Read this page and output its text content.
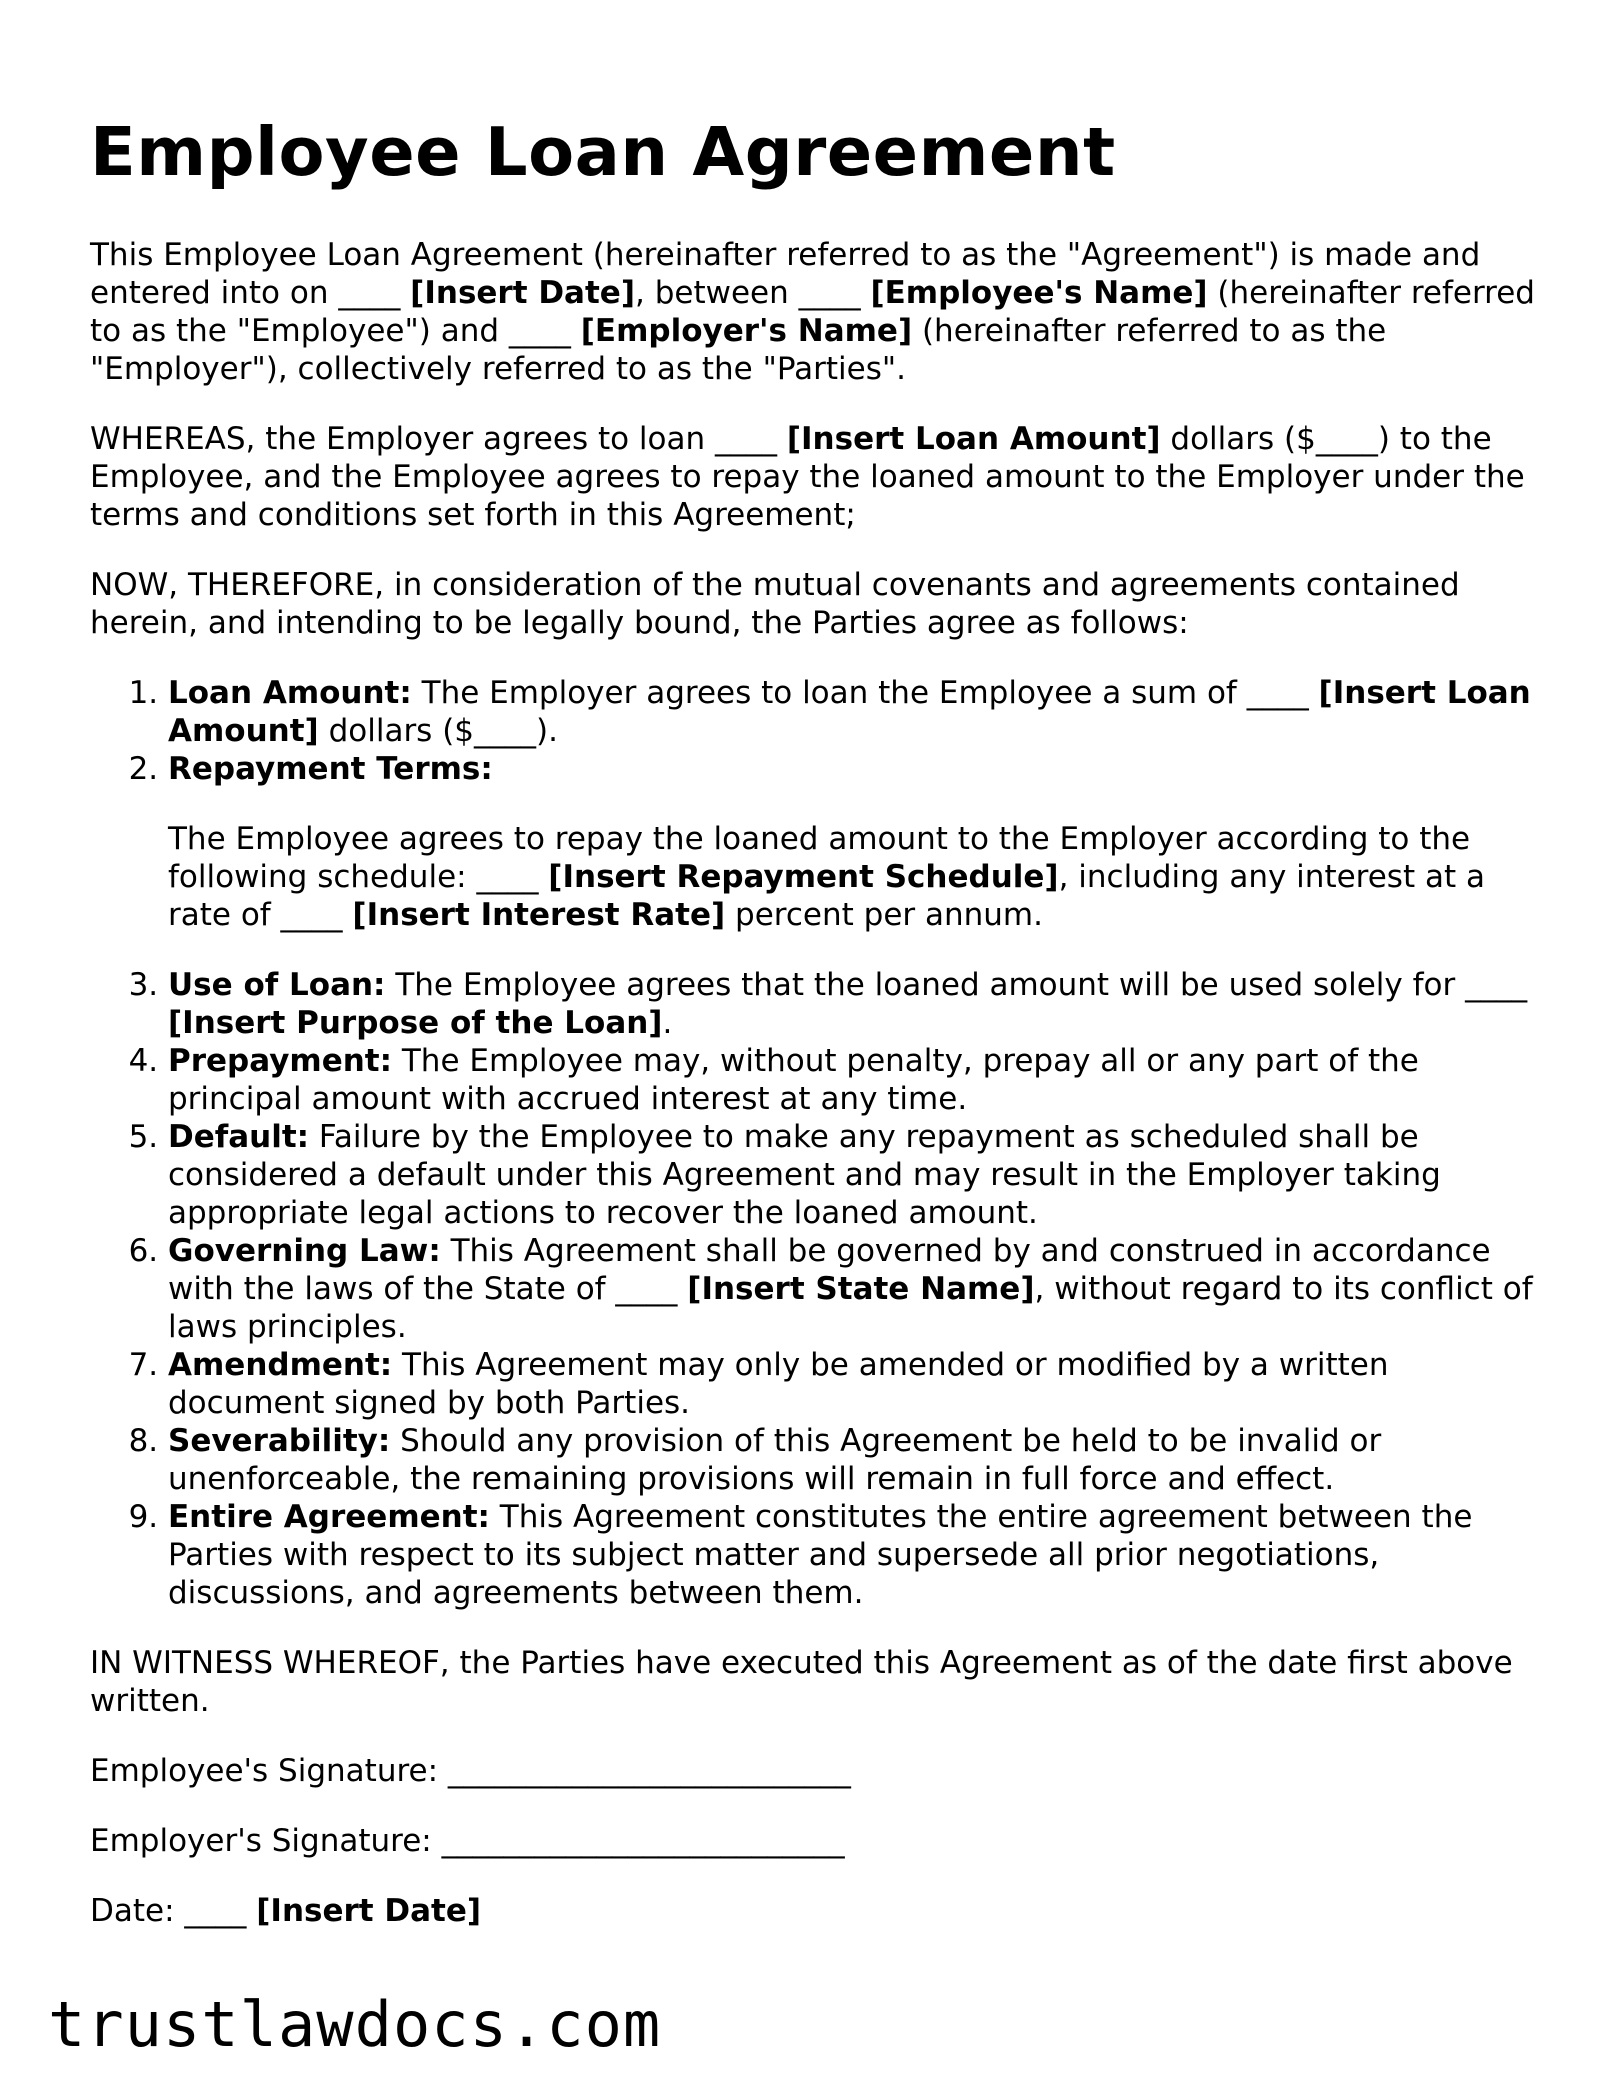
Employee Loan Agreement

This Employee Loan Agreement (hereinafter referred to as the "Agreement") is made and entered into on ____ [Insert Date], between ____ [Employee's Name] (hereinafter referred to as the "Employee") and ____ [Employer's Name] (hereinafter referred to as the "Employer"), collectively referred to as the "Parties".

WHEREAS, the Employer agrees to loan ____ [Insert Loan Amount] dollars ($____) to the Employee, and the Employee agrees to repay the loaned amount to the Employer under the terms and conditions set forth in this Agreement;

NOW, THEREFORE, in consideration of the mutual covenants and agreements contained herein, and intending to be legally bound, the Parties agree as follows:

1. Loan Amount: The Employer agrees to loan the Employee a sum of ____ [Insert Loan Amount] dollars ($____).
2. Repayment Terms:

The Employee agrees to repay the loaned amount to the Employer according to the following schedule: ____ [Insert Repayment Schedule], including any interest at a rate of ____ [Insert Interest Rate] percent per annum.

3. Use of Loan: The Employee agrees that the loaned amount will be used solely for ____ [Insert Purpose of the Loan].
4. Prepayment: The Employee may, without penalty, prepay all or any part of the principal amount with accrued interest at any time.
5. Default: Failure by the Employee to make any repayment as scheduled shall be considered a default under this Agreement and may result in the Employer taking appropriate legal actions to recover the loaned amount.
6. Governing Law: This Agreement shall be governed by and construed in accordance with the laws of the State of ____ [Insert State Name], without regard to its conflict of laws principles.
7. Amendment: This Agreement may only be amended or modified by a written document signed by both Parties.
8. Severability: Should any provision of this Agreement be held to be invalid or unenforceable, the remaining provisions will remain in full force and effect.
9. Entire Agreement: This Agreement constitutes the entire agreement between the Parties with respect to its subject matter and supersede all prior negotiations, discussions, and agreements between them.

IN WITNESS WHEREOF, the Parties have executed this Agreement as of the date first above written.

Employee's Signature: __________________________

Employer's Signature: __________________________

Date: ____ [Insert Date]

trustlawdocs.com
